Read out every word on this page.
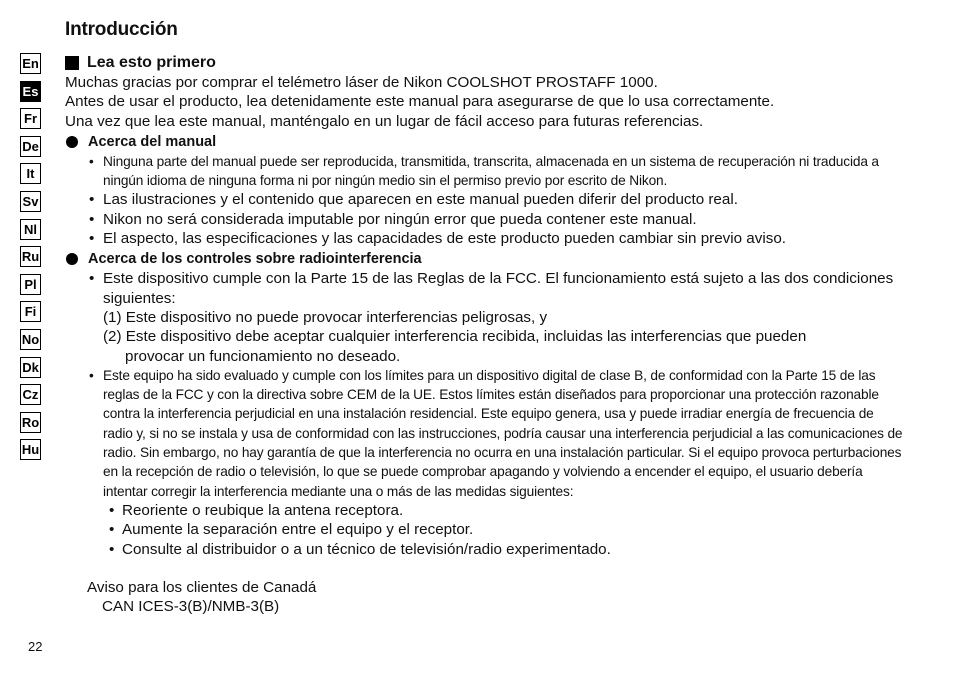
Introducción
En
Es
Fr
De
It
Sv
Nl
Ru
Pl
Fi
No
Dk
Cz
Ro
Hu
Lea esto primero

Muchas gracias por comprar el telémetro láser de Nikon COOLSHOT PROSTAFF 1000.

Antes de usar el producto, lea detenidamente este manual para asegurarse de que lo usa correctamente.

Una vez que lea este manual, manténgalo en un lugar de fácil acceso para futuras referencias.

Acerca del manual
• Ninguna parte del manual puede ser reproducida, transmitida, transcrita, almacenada en un sistema de recuperación ni traducida a ningún idioma de ninguna forma ni por ningún medio sin el permiso previo por escrito de Nikon.
• Las ilustraciones y el contenido que aparecen en este manual pueden diferir del producto real.
• Nikon no será considerada imputable por ningún error que pueda contener este manual.
• El aspecto, las especificaciones y las capacidades de este producto pueden cambiar sin previo aviso.
Acerca de los controles sobre radiointerferencia
• Este dispositivo cumple con la Parte 15 de las Reglas de la FCC. El funcionamiento está sujeto a las dos condiciones siguientes:
(1) Este dispositivo no puede provocar interferencias peligrosas, y
(2) Este dispositivo debe aceptar cualquier interferencia recibida, incluidas las interferencias que pueden
provocar un funcionamiento no deseado.
• Este equipo ha sido evaluado y cumple con los límites para un dispositivo digital de clase B, de conformidad con la Parte 15 de las reglas de la FCC y con la directiva sobre CEM de la UE. Estos límites están diseñados para proporcionar una protección razonable contra la interferencia perjudicial en una instalación residencial. Este equipo genera, usa y puede irradiar energía de frecuencia de radio y, si no se instala y usa de conformidad con las instrucciones, podría causar una interferencia perjudicial a las comunicaciones de radio. Sin embargo, no hay garantía de que la interferencia no ocurra en una instalación particular. Si el equipo provoca perturbaciones en la recepción de radio o televisión, lo que se puede comprobar apagando y volviendo a encender el equipo, el usuario debería intentar corregir la interferencia mediante una o más de las medidas siguientes:
• Reoriente o reubique la antena receptora.
• Aumente la separación entre el equipo y el receptor.
• Consulte al distribuidor o a un técnico de televisión/radio experimentado.
Aviso para los clientes de Canadá
CAN ICES-3(B)/NMB-3(B)
22
